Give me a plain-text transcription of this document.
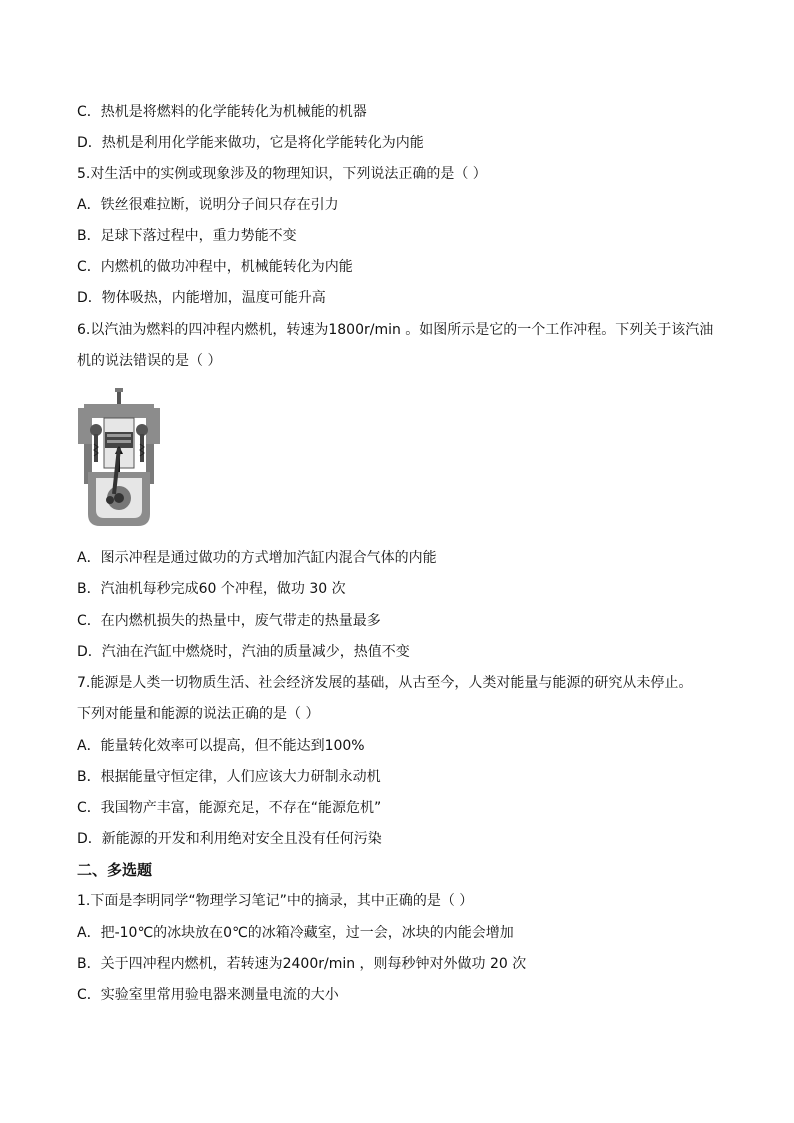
C．热机是将燃料的化学能转化为机械能的机器
D．热机是利用化学能来做功，它是将化学能转化为内能
5.对生活中的实例或现象涉及的物理知识，下列说法正确的是（ ）
A．铁丝很难拉断，说明分子间只存在引力
B．足球下落过程中，重力势能不变
C．内燃机的做功冲程中，机械能转化为内能
D．物体吸热，内能增加，温度可能升高
6.以汽油为燃料的四冲程内燃机，转速为1800r/min 。如图所示是它的一个工作冲程。下列关于该汽油
机的说法错误的是（ ）
A．图示冲程是通过做功的方式增加汽缸内混合气体的内能
B．汽油机每秒完成60 个冲程，做功 30 次
C．在内燃机损失的热量中，废气带走的热量最多
D．汽油在汽缸中燃烧时，汽油的质量减少，热值不变
7.能源是人类一切物质生活、社会经济发展的基础，从古至今，人类对能量与能源的研究从未停止。
下列对能量和能源的说法正确的是（ ）
A．能量转化效率可以提高，但不能达到100%
B．根据能量守恒定律，人们应该大力研制永动机
C．我国物产丰富，能源充足，不存在“能源危机”
D．新能源的开发和利用绝对安全且没有任何污染
二、多选题
1.下面是李明同学“物理学习笔记”中的摘录，其中正确的是（ ）
A．把-10℃的冰块放在0℃的冰箱冷藏室，过一会，冰块的内能会增加
B．关于四冲程内燃机，若转速为2400r/min ，则每秒钟对外做功 20 次
C．实验室里常用验电器来测量电流的大小
